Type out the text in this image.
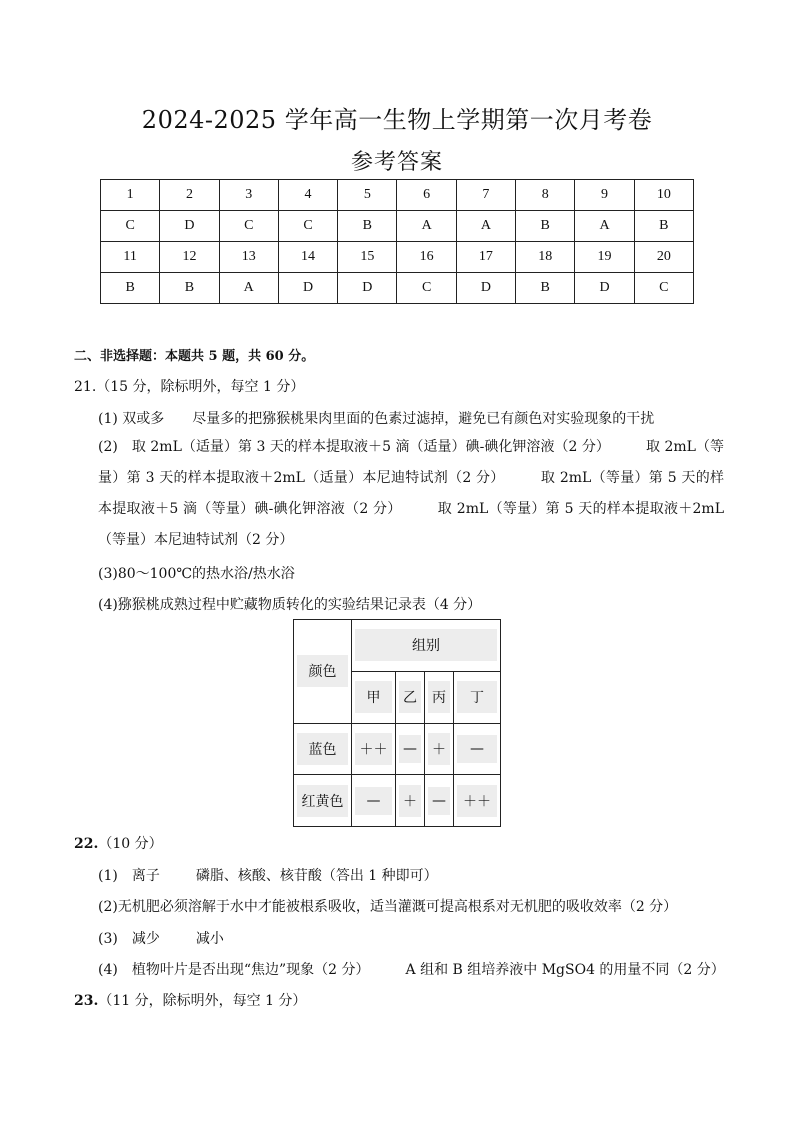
2024-2025 学年高一生物上学期第一次月考卷
参考答案
1	2	3	4	5	6	7	8	9	10
C	D	C	C	B	A	A	B	A	B
11	12	13	14	15	16	17	18	19	20
B	B	A	D	D	C	D	B	D	C
二、非选择题：本题共 5 题，共 60 分。
21.（15 分，除标明外，每空 1 分）
(1) 双或多 尽量多的把猕猴桃果肉里面的色素过滤掉，避免已有颜色对实验现象的干扰
(2)　取 2mL（适量）第 3 天的样本提取液＋5 滴（适量）碘-碘化钾溶液（2 分）	取 2mL（等量）第 3 天的样本提取液＋2mL（适量）本尼迪特试剂（2 分）	取 2mL（等量）第 5 天的样本提取液＋5 滴（等量）碘-碘化钾溶液（2 分）	取 2mL（等量）第 5 天的样本提取液＋2mL（等量）本尼迪特试剂（2 分）
(3)80～100℃的热水浴/热水浴
(4)猕猴桃成熟过程中贮藏物质转化的实验结果记录表（4 分）
颜色	组别			

	甲	乙	丙	丁

蓝色	＋＋	—	＋	—

红黄色	—	＋	—	＋＋
22.（10 分）
(1)　离子	磷脂、核酸、核苷酸（答出 1 种即可）
(2)无机肥必须溶解于水中才能被根系吸收，适当灌溉可提高根系对无机肥的吸收效率（2 分）
(3)　减少	减小
(4)　植物叶片是否出现“焦边”现象（2 分）	A 组和 B 组培养液中 MgSO4 的用量不同（2 分）
23.（11 分，除标明外，每空 1 分）
